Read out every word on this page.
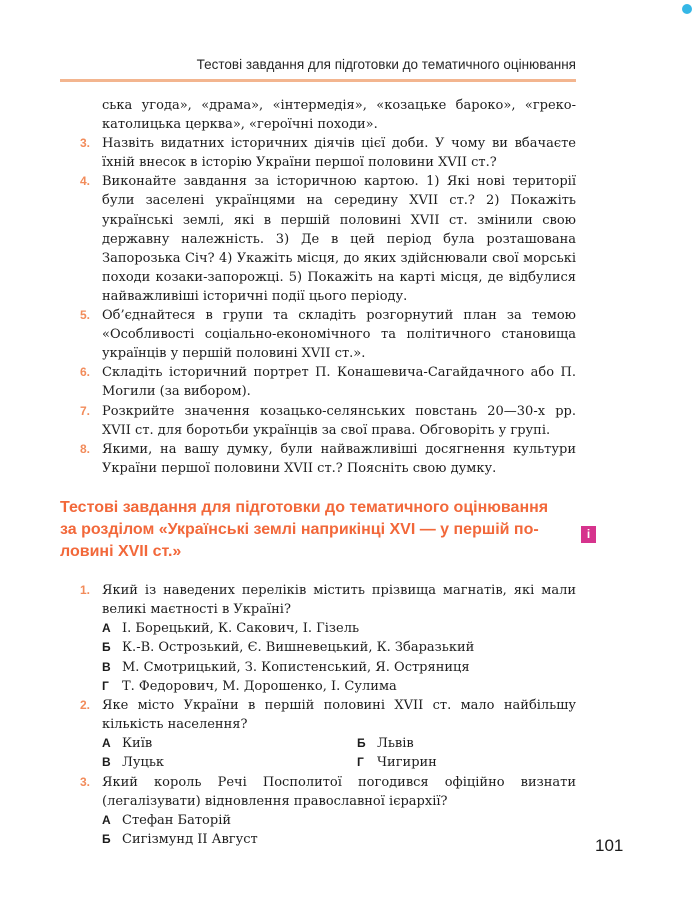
Тестові завдання для підготовки до тематичного оцінювання
ська угода», «драма», «інтермедія», «козацьке бароко», «греко-католицька церква», «героїчні походи».
3. Назвіть видатних історичних діячів цієї доби. У чому ви вбачаєте їхній внесок в історію України першої половини XVII ст.?
4. Виконайте завдання за історичною картою. 1) Які нові території були заселені українцями на середину XVII ст.? 2) Покажіть українські землі, які в першій половині XVII ст. змінили свою державну належність. 3) Де в цей період була розташована Запорозька Січ? 4) Укажіть місця, до яких здійснювали свої морські походи козаки-запорожці. 5) Покажіть на карті місця, де відбулися найважливіші історичні події цього періоду.
5. Об’єднайтеся в групи та складіть розгорнутий план за темою «Особливості соціально-економічного та політичного становища українців у першій половині XVII ст.».
6. Складіть історичний портрет П. Конашевича-Сагайдачного або П. Могили (за вибором).
7. Розкрийте значення козацько-селянських повстань 20—30-х рр. XVII ст. для боротьби українців за свої права. Обговоріть у групі.
8. Якими, на вашу думку, були найважливіші досягнення культури України першої половини XVII ст.? Поясніть свою думку.
Тестові завдання для підготовки до тематичного оцінювання
за розділом «Українські землі наприкінці XVI — у першій по-
ловині XVII ст.»
i
1. Який із наведених переліків містить прізвища магнатів, які мали великі маєтності в Україні?
А І. Борецький, К. Сакович, І. Гізель
Б К.-В. Острозький, Є. Вишневецький, К. Збаразький
В М. Смотрицький, З. Копистенський, Я. Остряниця
Г Т. Федорович, М. Дорошенко, І. Сулима
2. Яке місто України в першій половині XVII ст. мало найбільшу кількість населення?
А Київ	Б Львів
В Луцьк	Г Чигирин
3. Який король Речі Посполитої погодився офіційно визнати (легалізувати) відновлення православної ієрархії?
А Стефан Баторій
Б Сигізмунд ІІ Август	101
